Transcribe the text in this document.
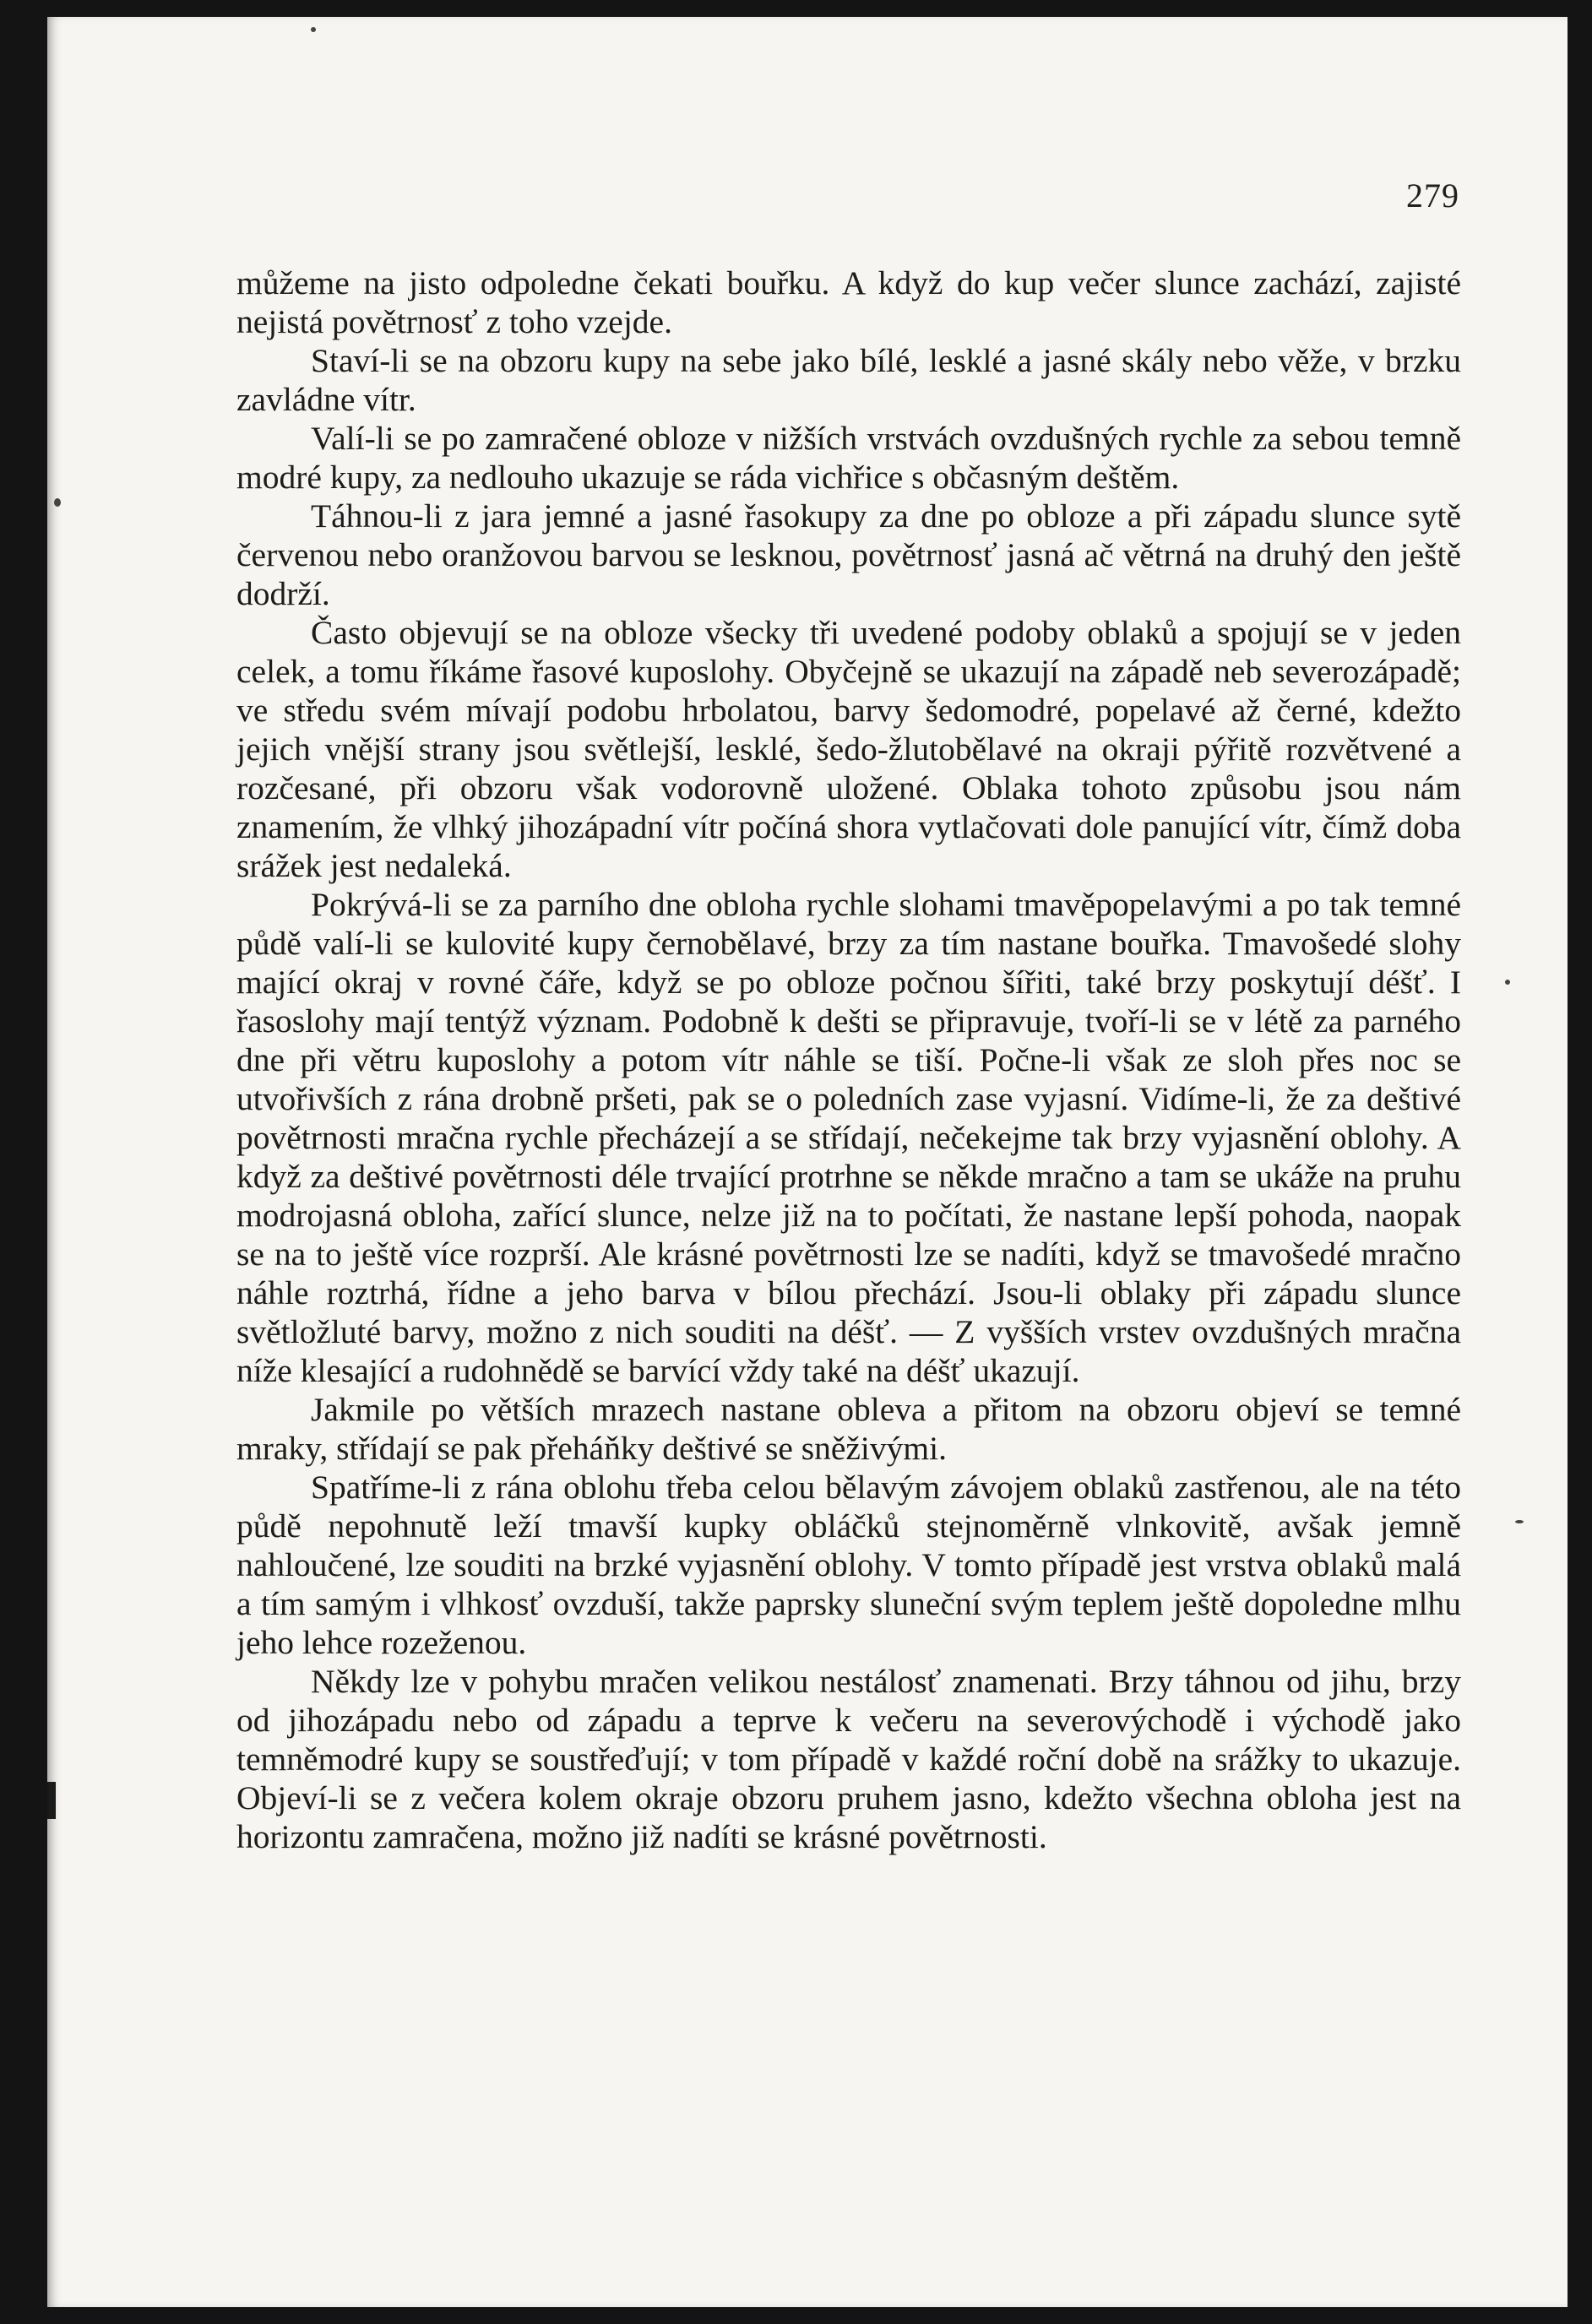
279

můžeme na jisto odpoledne čekati bouřku. A když do kup večer slunce zachází, zajisté nejistá povětrnosť z toho vzejde.

Staví-li se na obzoru kupy na sebe jako bílé, lesklé a jasné skály nebo věže, v brzku zavládne vítr.

Valí-li se po zamračené obloze v nižších vrstvách ovzdušných rychle za sebou temně modré kupy, za nedlouho ukazuje se ráda vichřice s občasným deštěm.

Táhnou-li z jara jemné a jasné řasokupy za dne po obloze a při západu slunce sytě červenou nebo oranžovou barvou se lesknou, povětrnosť jasná ač větrná na druhý den ještě dodrží.

Často objevují se na obloze všecky tři uvedené podoby oblaků a spojují se v jeden celek, a tomu říkáme řasové kuposlohy. Obyčejně se ukazují na západě neb severozápadě; ve středu svém mívají podobu hrbolatou, barvy šedomodré, popelavé až černé, kdežto jejich vnější strany jsou světlejší, lesklé, šedo-žlutobělavé na okraji pýřitě rozvětvené a rozčesané, při obzoru však vodorovně uložené. Oblaka tohoto způsobu jsou nám znamením, že vlhký jihozápadní vítr počíná shora vytlačovati dole panující vítr, čímž doba srážek jest nedaleká.

Pokrývá-li se za parního dne obloha rychle slohami tmavěpopelavými a po tak temné půdě valí-li se kulovité kupy černobělavé, brzy za tím nastane bouřka. Tmavošedé slohy mající okraj v rovné čáře, když se po obloze počnou šířiti, také brzy poskytují déšť. I řasoslohy mají tentýž význam. Podobně k dešti se připravuje, tvoří-li se v létě za parného dne při větru kuposlohy a potom vítr náhle se tiší. Počne-li však ze sloh přes noc se utvořivších z rána drobně pršeti, pak se o poledních zase vyjasní. Vidíme-li, že za deštivé povětrnosti mračna rychle přecházejí a se střídají, nečekejme tak brzy vyjasnění oblohy. A když za deštivé povětrnosti déle trvající protrhne se někde mračno a tam se ukáže na pruhu modrojasná obloha, zařící slunce, nelze již na to počítati, že nastane lepší pohoda, naopak se na to ještě více rozprší. Ale krásné povětrnosti lze se nadíti, když se tmavošedé mračno náhle roztrhá, řídne a jeho barva v bílou přechází. Jsou-li oblaky při západu slunce světložluté barvy, možno z nich souditi na déšť. — Z vyšších vrstev ovzdušných mračna níže klesající a rudohnědě se barvící vždy také na déšť ukazují.

Jakmile po větších mrazech nastane obleva a přitom na obzoru objeví se temné mraky, střídají se pak přeháňky deštivé se sněživými.

Spatříme-li z rána oblohu třeba celou bělavým závojem oblaků zastřenou, ale na této půdě nepohnutě leží tmavší kupky obláčků stejnoměrně vlnkovitě, avšak jemně nahloučené, lze souditi na brzké vyjasnění oblohy. V tomto případě jest vrstva oblaků malá a tím samým i vlhkosť ovzduší, takže paprsky sluneční svým teplem ještě dopoledne mlhu jeho lehce rozeženou.

Někdy lze v pohybu mračen velikou nestálosť znamenati. Brzy táhnou od jihu, brzy od jihozápadu nebo od západu a teprve k večeru na severovýchodě i východě jako temněmodré kupy se soustřeďují; v tom případě v každé roční době na srážky to ukazuje. Objeví-li se z večera kolem okraje obzoru pruhem jasno, kdežto všechna obloha jest na horizontu zamračena, možno již nadíti se krásné povětrnosti.
